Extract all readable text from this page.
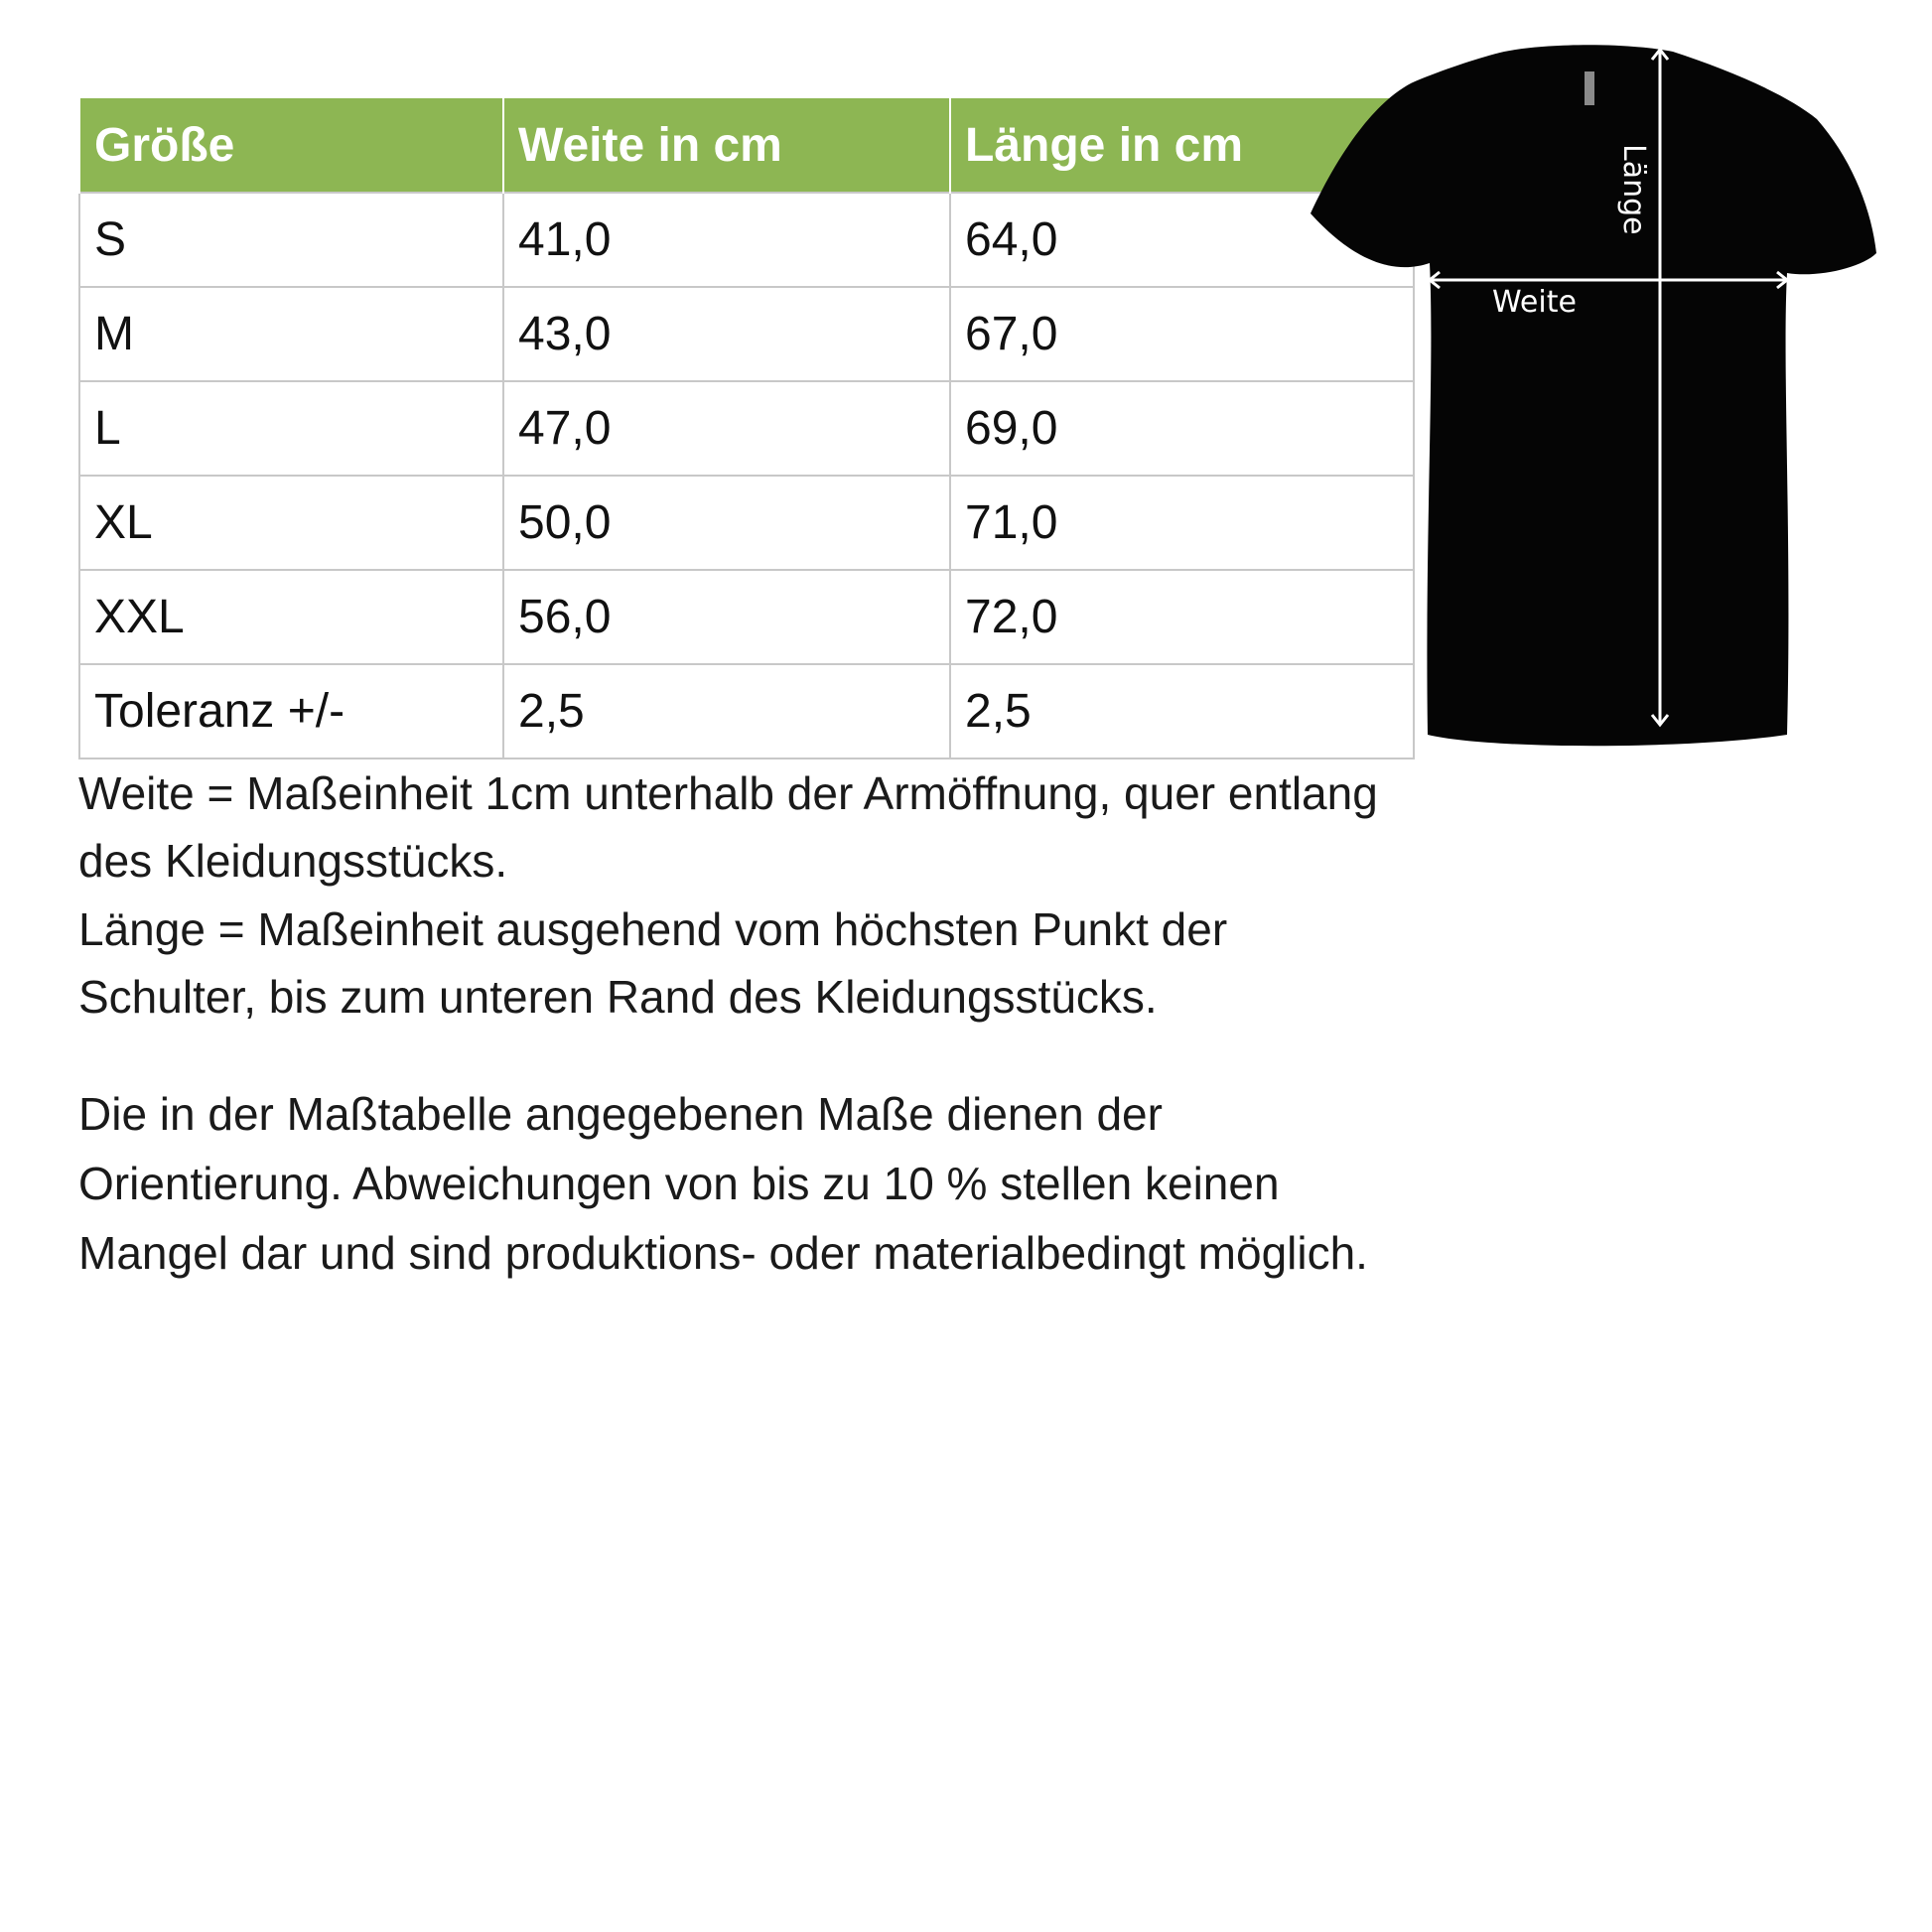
Größe	Weite in cm	Länge in cm
S	41,0	64,0
M	43,0	67,0
L	47,0	69,0
XL	50,0	71,0
XXL	56,0	72,0
Toleranz +/-	2,5	2,5
Weite
Länge

Weite = Maßeinheit 1cm unterhalb der Armöffnung, quer entlang des Kleidungsstücks.

Länge = Maßeinheit ausgehend vom höchsten Punkt der Schulter, bis zum unteren Rand des Kleidungsstücks.

Die in der Maßtabelle angegebenen Maße dienen der Orientierung. Abweichungen von bis zu 10 % stellen keinen Mangel dar und sind produktions- oder materialbedingt möglich.
